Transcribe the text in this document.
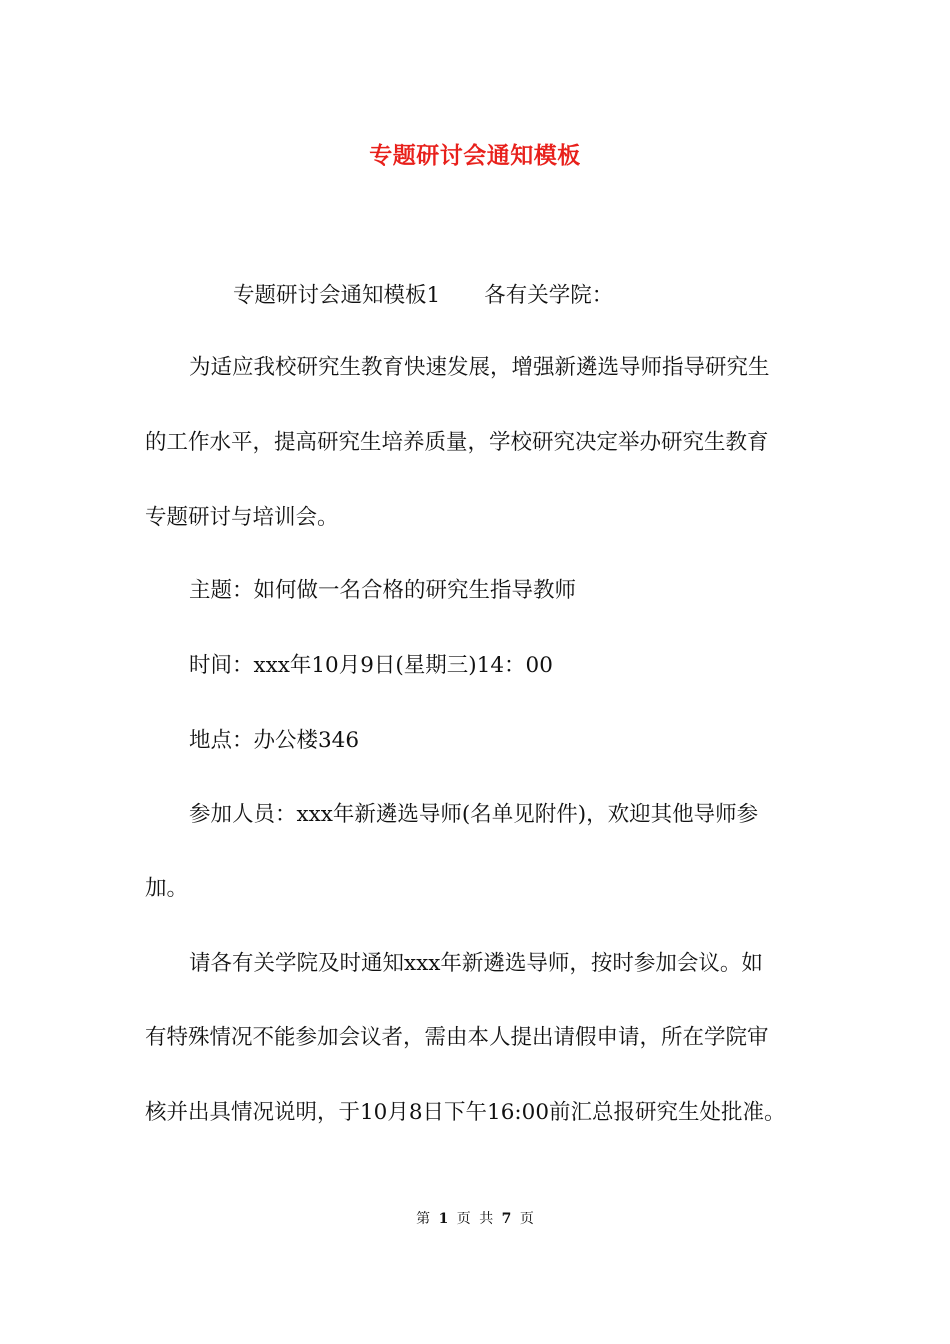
专题研讨会通知模板
专题研讨会通知模板1 各有关学院：
为适应我校研究生教育快速发展，增强新遴选导师指导研究生
的工作水平，提高研究生培养质量，学校研究决定举办研究生教育
专题研讨与培训会。
主题：如何做一名合格的研究生指导教师
时间：xxx年10月9日(星期三)14：00
地点：办公楼346
参加人员：xxx年新遴选导师(名单见附件)，欢迎其他导师参
加。
请各有关学院及时通知xxx年新遴选导师，按时参加会议。如
有特殊情况不能参加会议者，需由本人提出请假申请，所在学院审
核并出具情况说明，于10月8日下午16:00前汇总报研究生处批准。
第 1 页 共 7 页
